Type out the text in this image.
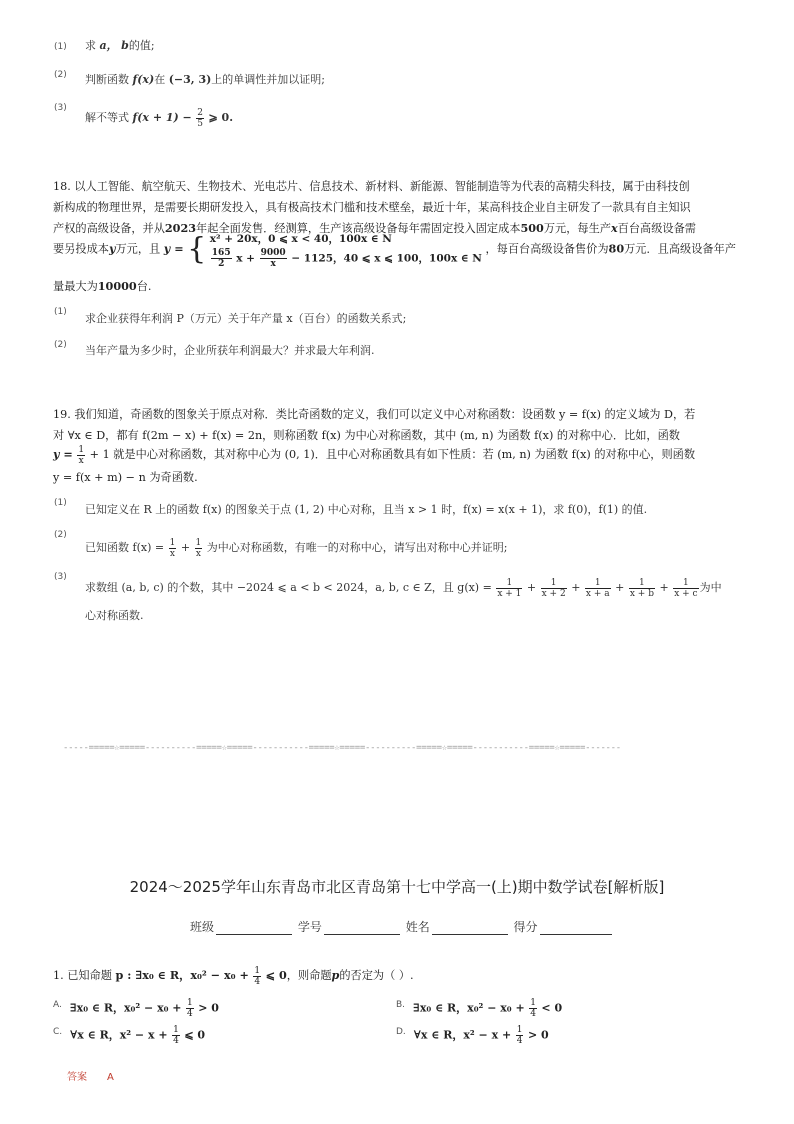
(1) 求 a， b的值;
(2) 判断函数 f(x)在 (−3, 3)上的单调性并加以证明;
(3)
解不等式 $f(x + 1) - \frac{2}{5}$ ⩾ 0.
18. 以人工智能、航空航天、生物技术、光电芯片、信息技术、新材料、新能源、智能制造等为代表的高精尖科技，属于由科技创
新构成的物理世界，是需要长期研发投入，具有极高技术门槛和技术壁垒，最近十年，某高科技企业自主研发了一款具有自主知识
产权的高级设备，并从2023年起全面发售．经测算，生产该高级设备每年需固定投入固定成本500万元，每生产x百台高级设备需
要另投成本y万元，且 y = { x² + 20x，0 ⩽ x < 40，100x ∈ N
$\frac{165}{2}$ $x + \frac{9000}{x} - 1125$，40 ⩽ x ⩽ 100，100x ∈ N
，每百台高级设备售价为80万元．且高级设备年产
量最大为10000台.
(1) 求企业获得年利润 P（万元）关于年产量 x（百台）的函数关系式;
(2) 当年产量为多少时，企业所获年利润最大？并求最大年利润.
19. 我们知道，奇函数的图象关于原点对称．类比奇函数的定义，我们可以定义中心对称函数：设函数 y = f(x) 的定义域为 D，若
对 ∀x ∈ D，都有 f(2m − x) + f(x) = 2n，则称函数 f(x) 为中心对称函数，其中 (m, n) 为函数 f(x) 的对称中心．比如，函数
$y = \frac{1}{x} + 1$ 就是中心对称函数，其对称中心为 (0, 1)．且中心对称函数具有如下性质：若 (m, n) 为函数 f(x) 的对称中心，则函数
y = f(x + m) − n 为奇函数.
(1) 已知定义在 R 上的函数 f(x) 的图象关于点 (1, 2) 中心对称，且当 x > 1 时，f(x) = x(x + 1)，求 f(0)，f(1) 的值.
(2)
已知函数 $f(x) = \frac{1}{x} + \frac{1}{x}$ 为中心对称函数，有唯一的对称中心，请写出对称中心并证明;
(3)
求数组 (a, b, c) 的个数，其中 −2024 ⩽ a < b < 2024，a, b, c ∈ Z，且 $g(x) = \frac{1}{x + 1} + \frac{1}{x + 2} + \frac{1}{x + a} + \frac{1}{x + b} + \frac{1}{x + c}$ 为中
心对称函数.
-----=====☆=====----------=====☆=====-----------=====☆=====----------=====☆=====-----------=====☆=====-------
2024～2025学年山东青岛市北区青岛第十七中学高一(上)期中数学试卷[解析版]
班级	学号	姓名	得分
1. 已知命题 p : ∃x₀ ∈ R，$x_0^2 - x_0 + \frac{1}{4}$ ⩽ 0，则命题p的否定为（ ）.
$^{A.}$ ∃x₀ ∈ R，$x_0^2 - x_0 + \frac{1}{4} > 0$	$^{B.}$ ∃x₀ ∈ R，$x_0^2 - x_0 + \frac{1}{4} < 0$
$^{C.}$ ∀x ∈ R，$x^2 - x + \frac{1}{4}$ ⩽ 0	$^{D.}$ ∀x ∈ R，$x^2 - x + \frac{1}{4} > 0$
答案 A
